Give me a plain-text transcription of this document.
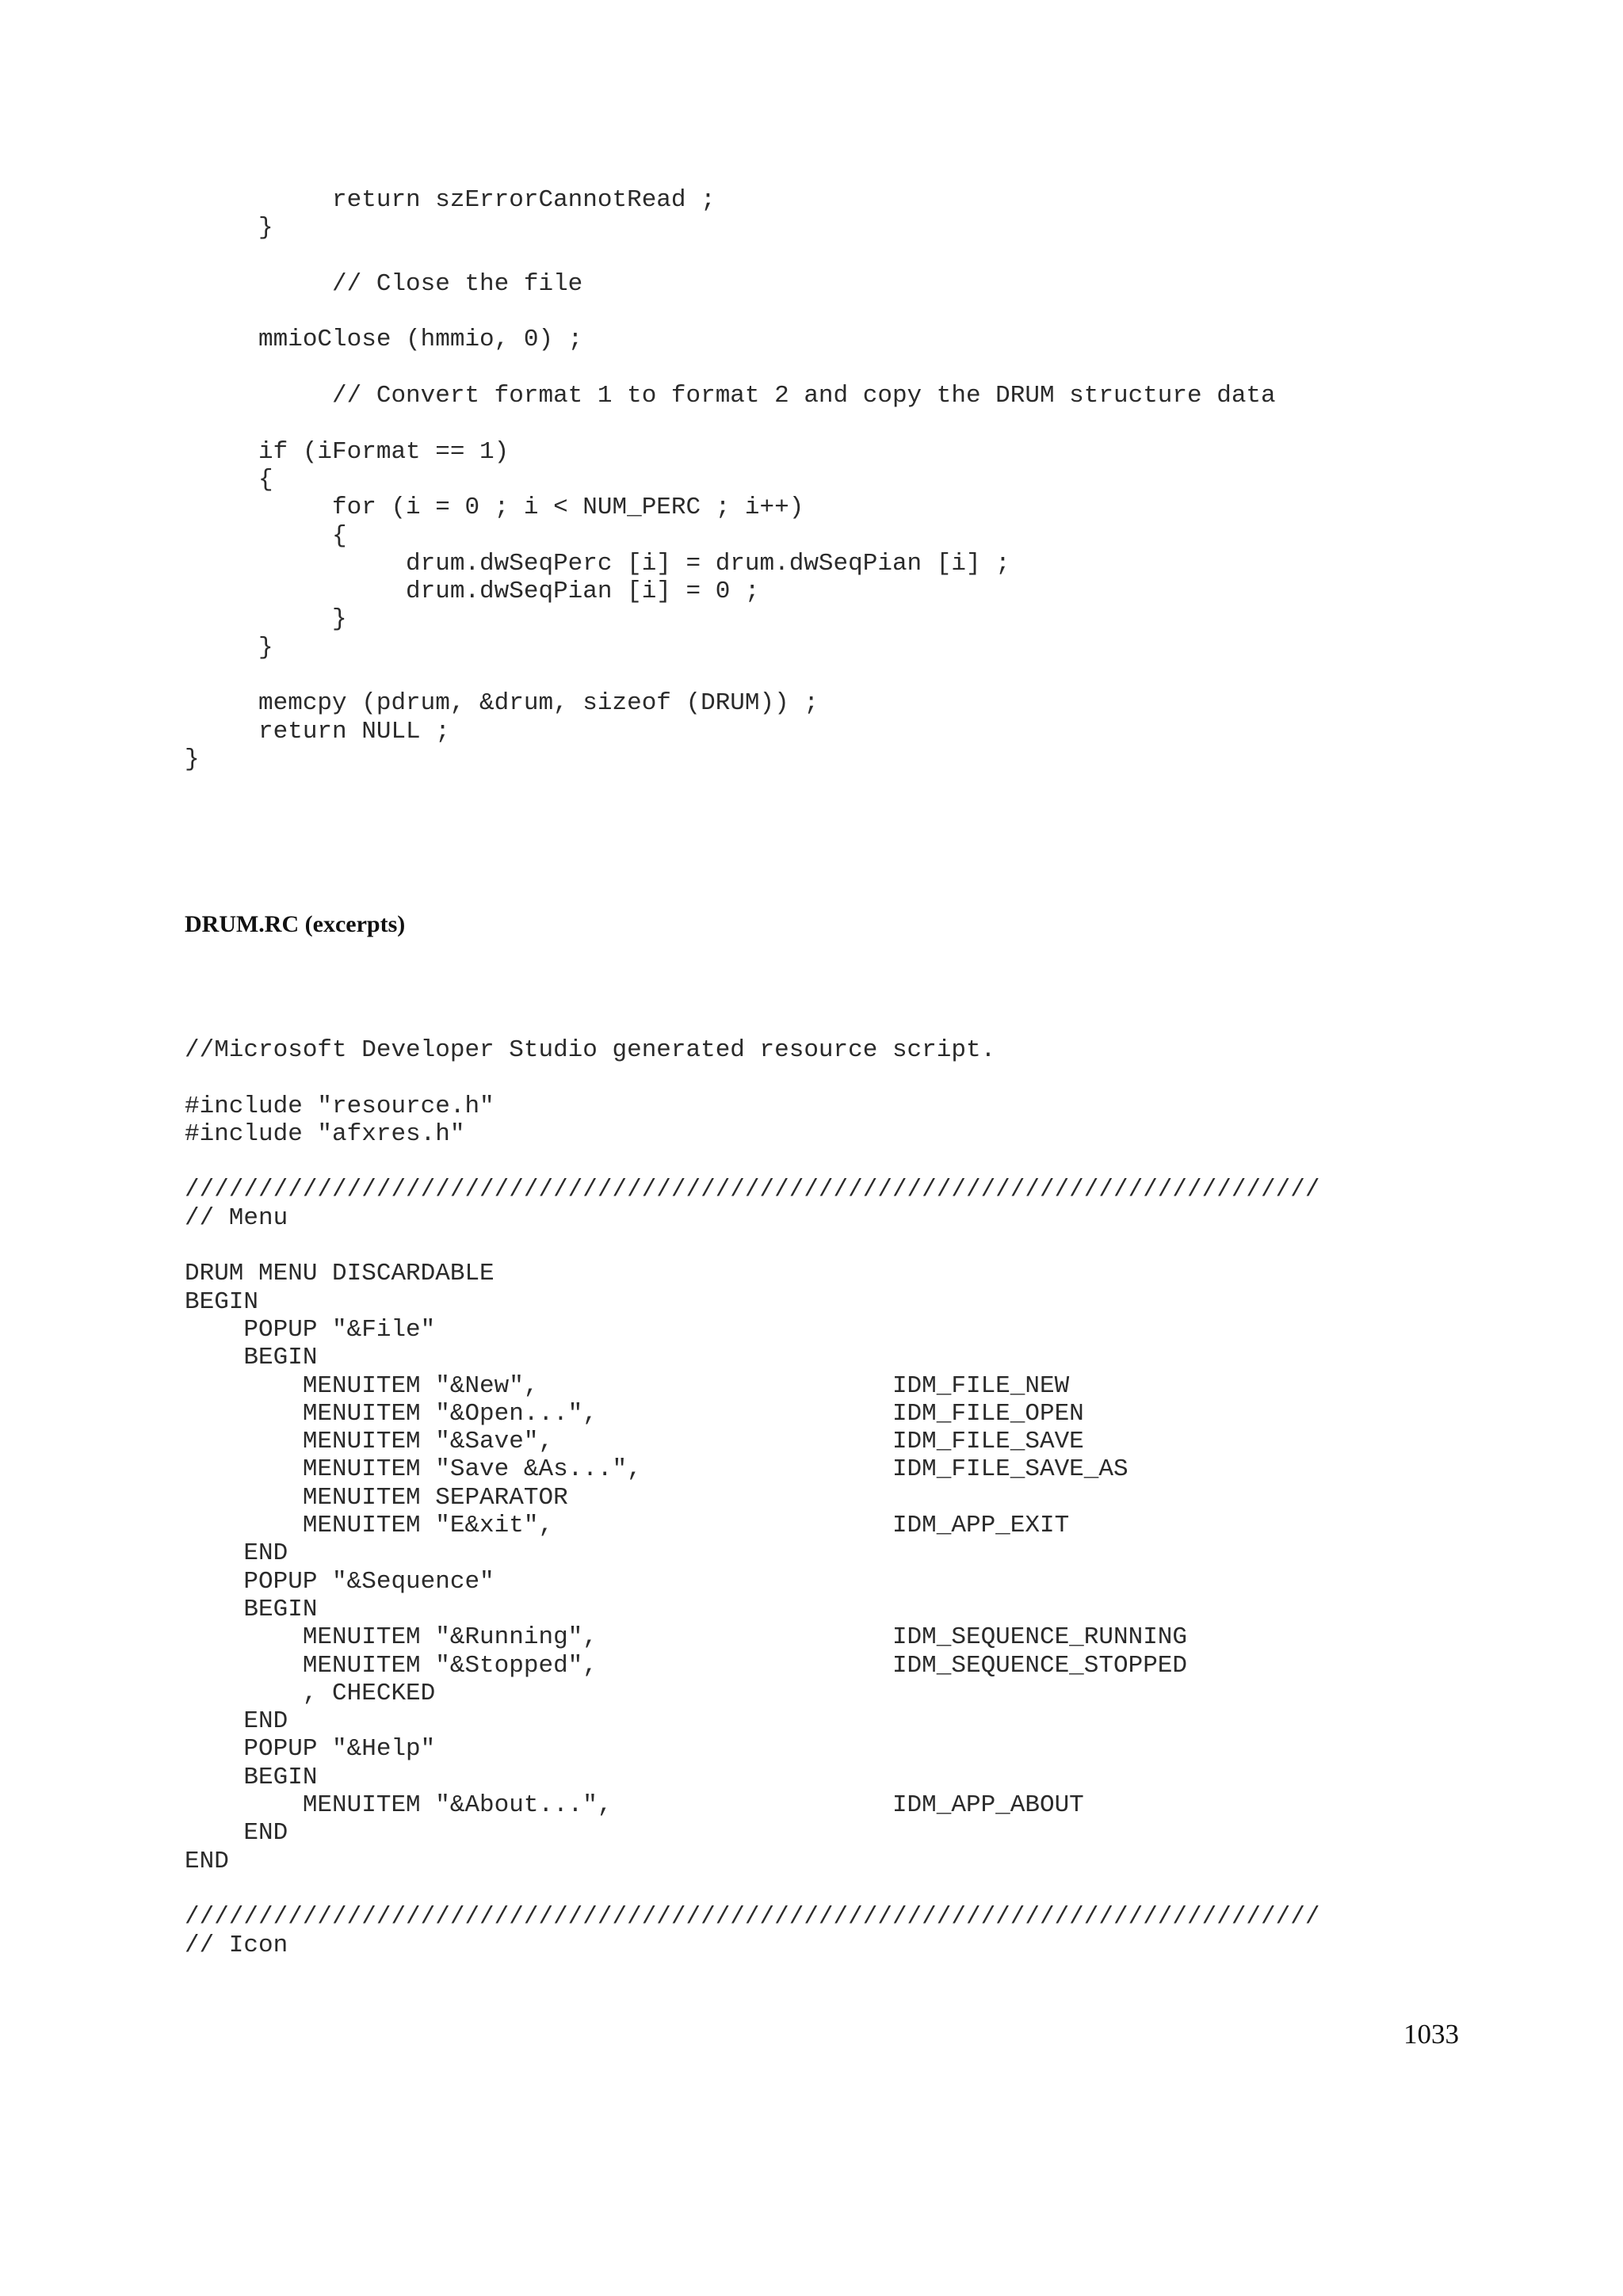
return szErrorCannotRead ;
}

// Close the file

mmioClose (hmmio, 0) ;

// Convert format 1 to format 2 and copy the DRUM structure data

if (iFormat == 1)
{
for (i = 0 ; i < NUM_PERC ; i++)
{
drum.dwSeqPerc [i] = drum.dwSeqPian [i] ;
drum.dwSeqPian [i] = 0 ;
}
}

memcpy (pdrum, &drum, sizeof (DRUM)) ;
return NULL ;
}
DRUM.RC (excerpts)
//Microsoft Developer Studio generated resource script.

#include "resource.h"
#include "afxres.h"

/////////////////////////////////////////////////////////////////////////////
// Menu

DRUM MENU DISCARDABLE
BEGIN
POPUP "&File"
BEGIN
MENUITEM "&New",                        IDM_FILE_NEW
MENUITEM "&Open...",                    IDM_FILE_OPEN
MENUITEM "&Save",                       IDM_FILE_SAVE
MENUITEM "Save &As...",                 IDM_FILE_SAVE_AS
MENUITEM SEPARATOR
MENUITEM "E&xit",                       IDM_APP_EXIT
END
POPUP "&Sequence"
BEGIN
MENUITEM "&Running",                    IDM_SEQUENCE_RUNNING
MENUITEM "&Stopped",                    IDM_SEQUENCE_STOPPED
, CHECKED
END
POPUP "&Help"
BEGIN
MENUITEM "&About...",                   IDM_APP_ABOUT
END
END

/////////////////////////////////////////////////////////////////////////////
// Icon
1033
